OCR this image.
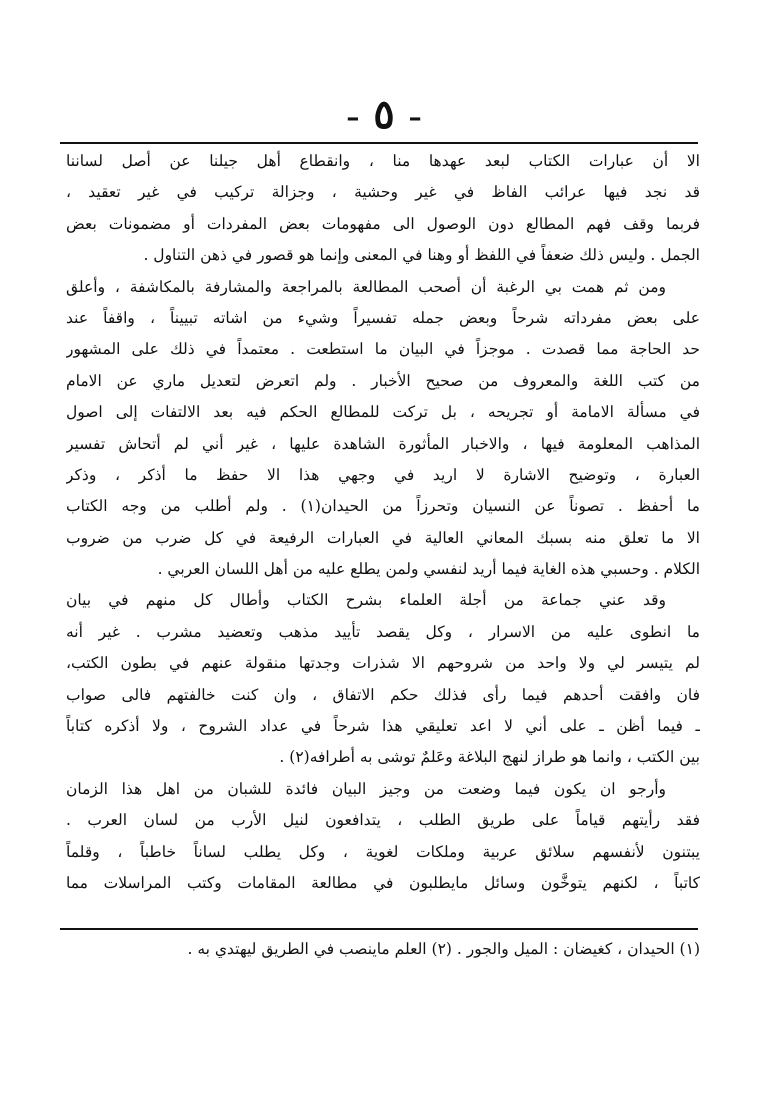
– ٥ –
الا أن عبارات الكتاب لبعد عهدها منا ، وانقطاع أهل جيلنا عن أصل لساننا
قد نجد فيها عرائب الفاظ في غير وحشية ، وجزالة تركيب في غير تعقيد ،
فربما وقف فهم المطالع دون الوصول الى مفهومات بعض المفردات أو مضمونات بعض
الجمل . وليس ذلك ضعفاً في اللفظ أو وهنا في المعنى وإنما هو قصور في ذهن التناول .
ومن ثم همت بي الرغبة أن أصحب المطالعة بالمراجعة والمشارفة بالمكاشفة ، وأعلق
على بعض مفرداته شرحاً وبعض جمله تفسيراً وشيء من اشاته تبييناً ، واقفاً عند
حد الحاجة مما قصدت . موجزاً في البيان ما استطعت . معتمداً في ذلك على المشهور
من كتب اللغة والمعروف من صحيح الأخبار . ولم اتعرض لتعديل ماري عن الامام
في مسألة الامامة أو تجريحه ، بل تركت للمطالع الحكم فيه بعد الالتفات إلى اصول
المذاهب المعلومة فيها ، والاخبار المأثورة الشاهدة عليها ، غير أني لم أتحاش تفسير
العبارة ، وتوضيح الاشارة لا اريد في وجهي هذا الا حفظ ما أذكر ، وذكر
ما أحفظ . تصوناً عن النسيان وتحرزاً من الحيدان(١) . ولم أطلب من وجه الكتاب
الا ما تعلق منه بسبك المعاني العالية في العبارات الرفيعة في كل ضرب من ضروب
الكلام . وحسبي هذه الغاية فيما أريد لنفسي ولمن يطلع عليه من أهل اللسان العربي .
وقد عني جماعة من أجلة العلماء بشرح الكتاب وأطال كل منهم في بيان
ما انطوى عليه من الاسرار ، وكل يقصد تأييد مذهب وتعضيد مشرب . غير أنه
لم يتيسر لي ولا واحد من شروحهم الا شذرات وجدتها منقولة عنهم في بطون الكتب،
فان وافقت أحدهم فيما رأى فذلك حكم الاتفاق ، وان كنت خالفتهم فالى صواب
ـ فيما أظن ـ على أني لا اعد تعليقي هذا شرحاً في عداد الشروح ، ولا أذكره كتاباً
بين الكتب ، وانما هو طراز لنهج البلاغة وعَلمٌ توشى به أطرافه(٢) .
وأرجو ان يكون فيما وضعت من وجيز البيان فائدة للشبان من اهل هذا الزمان
فقد رأيتهم قياماً على طريق الطلب ، يتدافعون لنيل الأرب من لسان العرب .
يبتنون لأنفسهم سلائق عربية وملكات لغوية ، وكل يطلب لساناً خاطباً ، وقلماً
كاتباً ، لكنهم يتوخَّون وسائل مايطلبون في مطالعة المقامات وكتب المراسلات مما
(١) الحيدان ، كغيضان : الميل والجور . (٢) العلم ماينصب في الطريق ليهتدي به .
